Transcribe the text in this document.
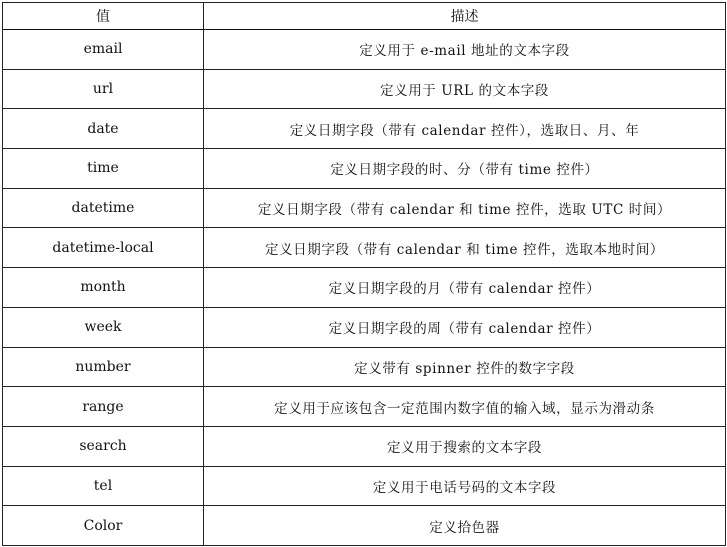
值	描述
email	定义用于 e-mail 地址的文本字段
url	定义用于 URL 的文本字段
date	定义日期字段（带有 calendar 控件），选取日、月、年
time	定义日期字段的时、分（带有 time 控件）
datetime	定义日期字段（带有 calendar 和 time 控件，选取 UTC 时间）
datetime-local	定义日期字段（带有 calendar 和 time 控件，选取本地时间）
month	定义日期字段的月（带有 calendar 控件）
week	定义日期字段的周（带有 calendar 控件）
number	定义带有 spinner 控件的数字字段
range	定义用于应该包含一定范围内数字值的输入域，显示为滑动条
search	定义用于搜索的文本字段
tel	定义用于电话号码的文本字段
Color	定义拾色器
